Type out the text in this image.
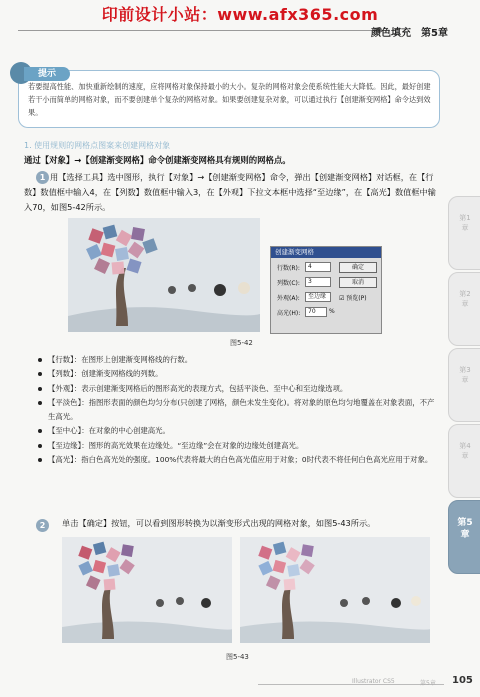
印前设计小站：www.afx365.com
颜色填充　第5章
提示
若要提高性能、加快重新绘制的速度，应将网格对象保持最小的大小。复杂的网格对象会使系统性能大大降低。因此，最好创建若干小而简单的网格对象，而不要创建单个复杂的网格对象。如果要创建复杂对象，可以通过执行【创建渐变网格】命令达到效果。
1. 使用规则的网格点图案来创建网格对象
通过【对象】→【创建渐变网格】命令创建渐变网格具有规则的网格点。
用【选择工具】选中图形，执行【对象】→【创建渐变网格】命令，弹出【创建渐变网格】对话框，在【行数】数值框中输入4，在【列数】数值框中输入3，在【外观】下拉文本框中选择“至边缘”，在【高光】数值框中输入70，如图5-42所示。
1
创建渐变网格
行数(R):	4
列数(C):	3
外观(A):	至边缘
高光(H):	70	%
确定
取消
☑ 预览(P)
图5-42
【行数】：在图形上创建渐变网格线的行数。
【列数】：创建渐变网格线的列数。
【外观】：表示创建渐变网格后的图形高光的表现方式，包括平淡色、至中心和至边缘选项。
【平淡色】：指图形表面的颜色均匀分布(只创建了网格，颜色未发生变化)。将对象的原色均匀地覆盖在对象表面，不产生高光。
【至中心】：在对象的中心创建高光。
【至边缘】：图形的高光效果在边缘处。“至边缘”会在对象的边缘处创建高光。
【高光】：指白色高光处的强度。100%代表将最大的白色高光值应用于对象；0时代表不将任何白色高光应用于对象。
2	单击【确定】按钮，可以看到图形转换为以渐变形式出现的网格对象，如图5-43所示。
图5-43
第1章
第2章
第3章
第4章
第5章
Illustrator CS5	第5章 105
